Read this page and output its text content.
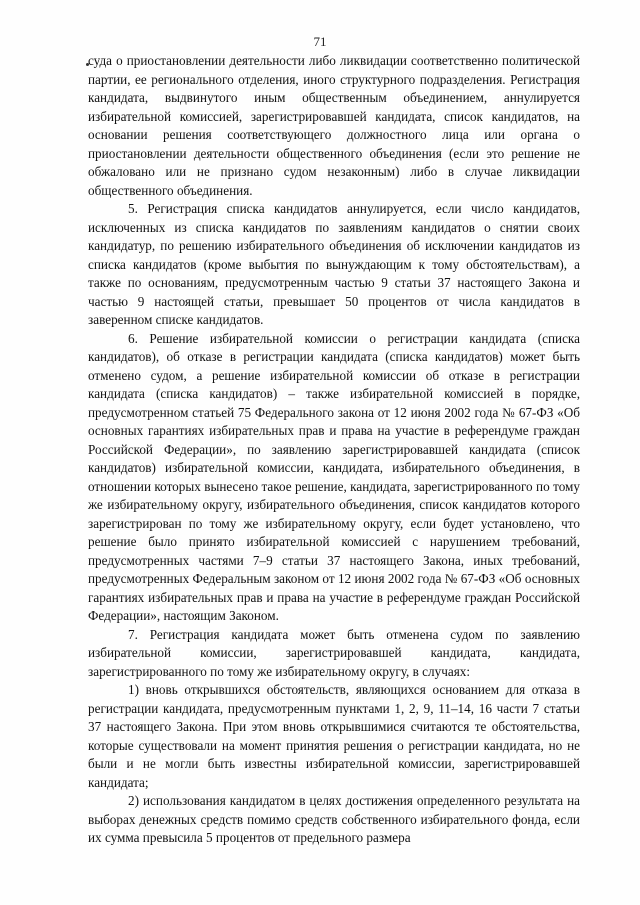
71

суда о приостановлении деятельности либо ликвидации соответственно политической партии, ее регионального отделения, иного структурного подразделения. Регистрация кандидата, выдвинутого иным общественным объединением, аннулируется избирательной комиссией, зарегистрировавшей кандидата, список кандидатов, на основании решения соответствующего должностного лица или органа о приостановлении деятельности общественного объединения (если это решение не обжаловано или не признано судом незаконным) либо в случае ликвидации общественного объединения.

5. Регистрация списка кандидатов аннулируется, если число кандидатов, исключенных из списка кандидатов по заявлениям кандидатов о снятии своих кандидатур, по решению избирательного объединения об исключении кандидатов из списка кандидатов (кроме выбытия по вынуждающим к тому обстоятельствам), а также по основаниям, предусмотренным частью 9 статьи 37 настоящего Закона и частью 9 настоящей статьи, превышает 50 процентов от числа кандидатов в заверенном списке кандидатов.

6. Решение избирательной комиссии о регистрации кандидата (списка кандидатов), об отказе в регистрации кандидата (списка кандидатов) может быть отменено судом, а решение избирательной комиссии об отказе в регистрации кандидата (списка кандидатов) – также избирательной комиссией в порядке, предусмотренном статьей 75 Федерального закона от 12 июня 2002 года № 67-ФЗ «Об основных гарантиях избирательных прав и права на участие в референдуме граждан Российской Федерации», по заявлению зарегистрировавшей кандидата (список кандидатов) избирательной комиссии, кандидата, избирательного объединения, в отношении которых вынесено такое решение, кандидата, зарегистрированного по тому же избирательному округу, избирательного объединения, список кандидатов которого зарегистрирован по тому же избирательному округу, если будет установлено, что решение было принято избирательной комиссией с нарушением требований, предусмотренных частями 7–9 статьи 37 настоящего Закона, иных требований, предусмотренных Федеральным законом от 12 июня 2002 года № 67-ФЗ «Об основных гарантиях избирательных прав и права на участие в референдуме граждан Российской Федерации», настоящим Законом.

7. Регистрация кандидата может быть отменена судом по заявлению избирательной комиссии, зарегистрировавшей кандидата, кандидата, зарегистрированного по тому же избирательному округу, в случаях:

1) вновь открывшихся обстоятельств, являющихся основанием для отказа в регистрации кандидата, предусмотренным пунктами 1, 2, 9, 11–14, 16 части 7 статьи 37 настоящего Закона. При этом вновь открывшимися считаются те обстоятельства, которые существовали на момент принятия решения о регистрации кандидата, но не были и не могли быть известны избирательной комиссии, зарегистрировавшей кандидата;

2) использования кандидатом в целях достижения определенного результата на выборах денежных средств помимо средств собственного избирательного фонда, если их сумма превысила 5 процентов от предельного размера
